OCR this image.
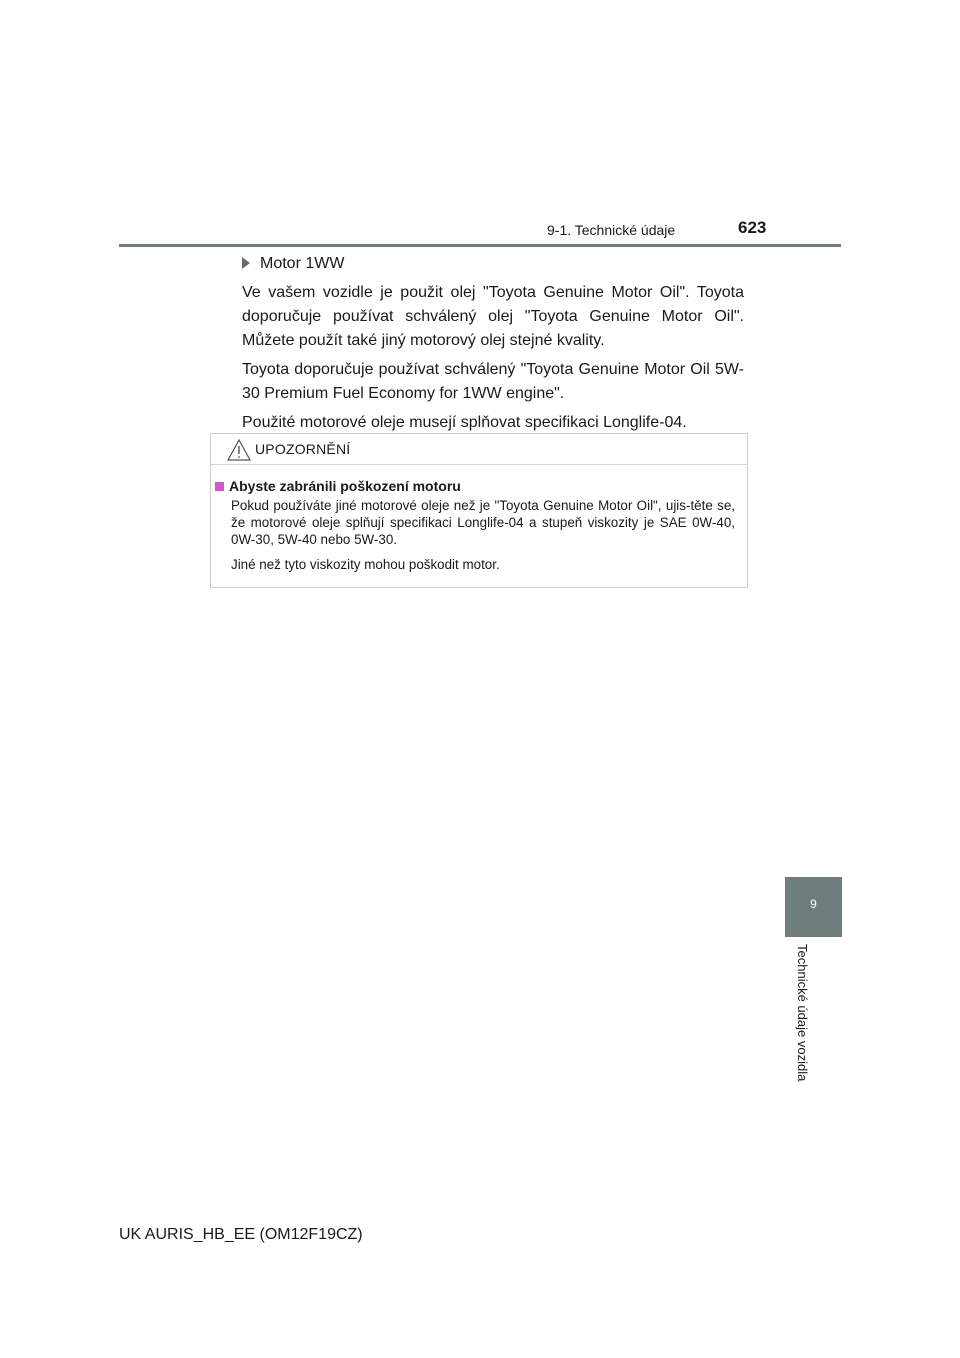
9-1. Technické údaje	623
Motor 1WW

Ve vašem vozidle je použit olej "Toyota Genuine Motor Oil". Toyota doporučuje používat schválený olej "Toyota Genuine Motor Oil". Můžete použít také jiný motorový olej stejné kvality.

Toyota doporučuje používat schválený "Toyota Genuine Motor Oil 5W-30 Premium Fuel Economy for 1WW engine".

Použité motorové oleje musejí splňovat specifikaci Longlife-04.

UPOZORNĚNÍ
Abyste zabránili poškození motoru

Pokud používáte jiné motorové oleje než je "Toyota Genuine Motor Oil", ujis-těte se, že motorové oleje splňují specifikaci Longlife-04 a stupeň viskozity je SAE 0W-40, 0W-30, 5W-40 nebo 5W-30.

Jiné než tyto viskozity mohou poškodit motor.

9
Technické údaje vozidla
UK AURIS_HB_EE (OM12F19CZ)
